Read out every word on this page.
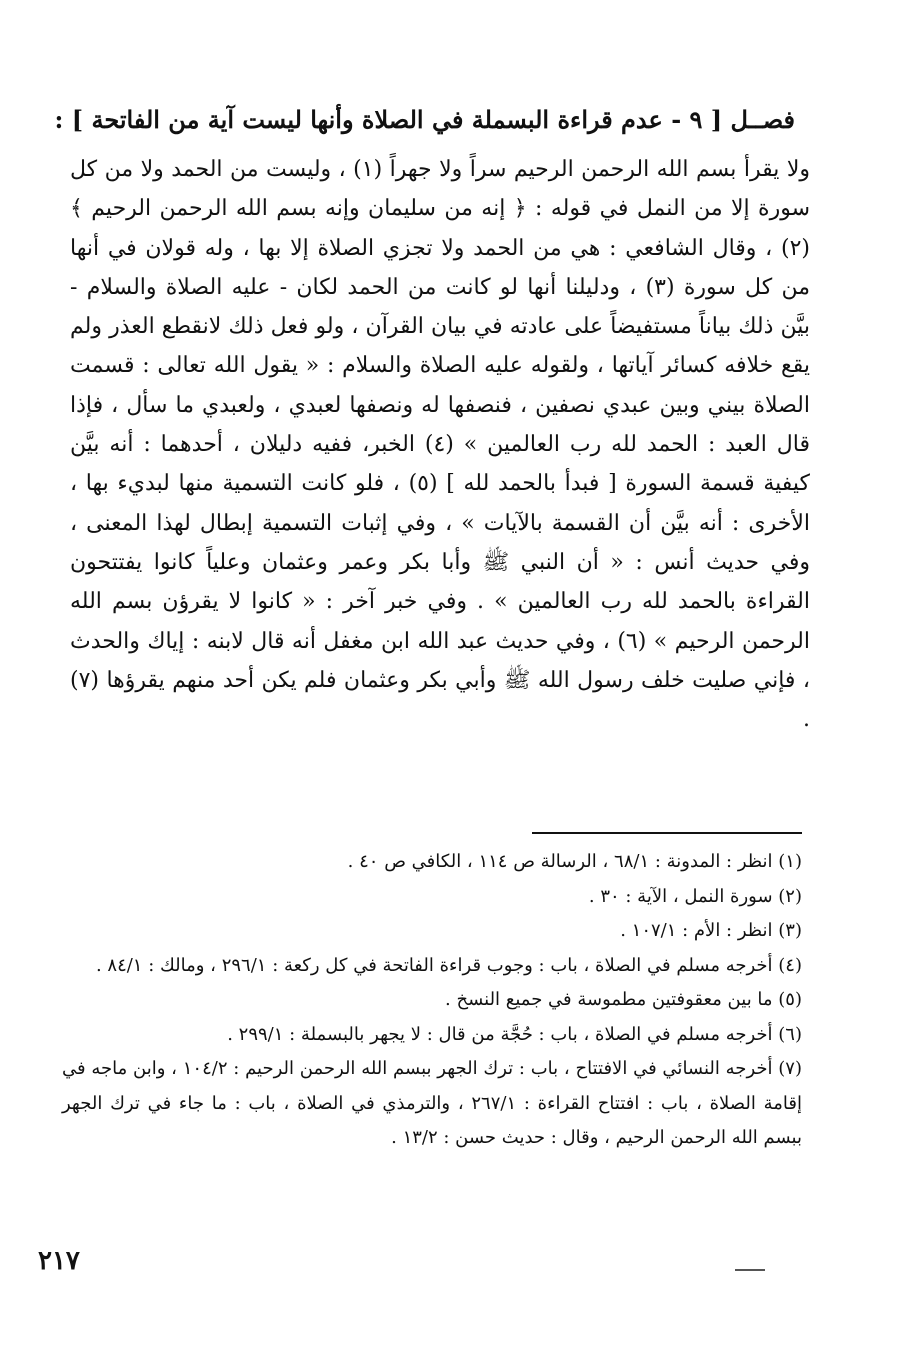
فصــل [ ٩ - عدم قراءة البسملة في الصلاة وأنها ليست آية من الفاتحة ] :

ولا يقرأ بسم الله الرحمن الرحيم سراً ولا جهراً (١) ، وليست من الحمد ولا من كل سورة إلا من النمل في قوله : ﴿ إنه من سليمان وإنه بسم الله الرحمن الرحيم ﴾ (٢) ، وقال الشافعي : هي من الحمد ولا تجزي الصلاة إلا بها ، وله قولان في أنها من كل سورة (٣) ، ودليلنا أنها لو كانت من الحمد لكان - عليه الصلاة والسلام - بيَّن ذلك بياناً مستفيضاً على عادته في بيان القرآن ، ولو فعل ذلك لانقطع العذر ولم يقع خلافه كسائر آياتها ، ولقوله عليه الصلاة والسلام : « يقول الله تعالى : قسمت الصلاة بيني وبين عبدي نصفين ، فنصفها له ونصفها لعبدي ، ولعبدي ما سأل ، فإذا قال العبد : الحمد لله رب العالمين » (٤) الخبر، ففيه دليلان ، أحدهما : أنه بيَّن كيفية قسمة السورة [ فبدأ بالحمد لله ] (٥) ، فلو كانت التسمية منها لبديء بها ، الأخرى : أنه بيَّن أن القسمة بالآيات » ، وفي إثبات التسمية إبطال لهذا المعنى ، وفي حديث أنس : « أن النبي ﷺ وأبا بكر وعمر وعثمان وعلياً كانوا يفتتحون القراءة بالحمد لله رب العالمين » . وفي خبر آخر : « كانوا لا يقرؤن بسم الله الرحمن الرحيم » (٦) ، وفي حديث عبد الله ابن مغفل أنه قال لابنه : إياك والحدث ، فإني صليت خلف رسول الله ﷺ وأبي بكر وعثمان فلم يكن أحد منهم يقرؤها (٧) .

(١) انظر : المدونة : ٦٨/١ ، الرسالة ص ١١٤ ، الكافي ص ٤٠ .

(٢) سورة النمل ، الآية : ٣٠ .

(٣) انظر : الأم : ١٠٧/١ .

(٤) أخرجه مسلم في الصلاة ، باب : وجوب قراءة الفاتحة في كل ركعة : ٢٩٦/١ ، ومالك : ٨٤/١ .

(٥) ما بين معقوفتين مطموسة في جميع النسخ .

(٦) أخرجه مسلم في الصلاة ، باب : حُجَّة من قال : لا يجهر بالبسملة : ٢٩٩/١ .

(٧) أخرجه النسائي في الافتتاح ، باب : ترك الجهر ببسم الله الرحمن الرحيم : ١٠٤/٢ ، وابن ماجه في إقامة الصلاة ، باب : افتتاح القراءة : ٢٦٧/١ ، والترمذي في الصلاة ، باب : ما جاء في ترك الجهر ببسم الله الرحمن الرحيم ، وقال : حديث حسن : ١٣/٢ .

٢١٧
